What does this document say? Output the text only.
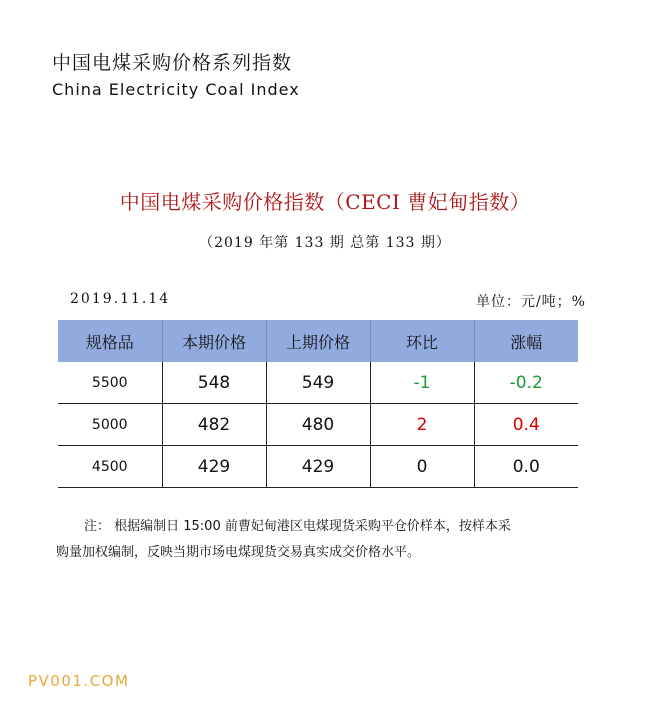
中国电煤采购价格系列指数
China Electricity Coal Index
中国电煤采购价格指数（CECI 曹妃甸指数）
（2019 年第 133 期 总第 133 期）
2019.11.14	单位：元/吨；%
规格品	本期价格	上期价格	环比	涨幅
5500	548	549	-1	-0.2
5000	482	480	2	0.4
4500	429	429	0	0.0
注： 根据编制日 15:00 前曹妃甸港区电煤现货采购平仓价样本，按样本采
购量加权编制，反映当期市场电煤现货交易真实成交价格水平。
PV001.COM
